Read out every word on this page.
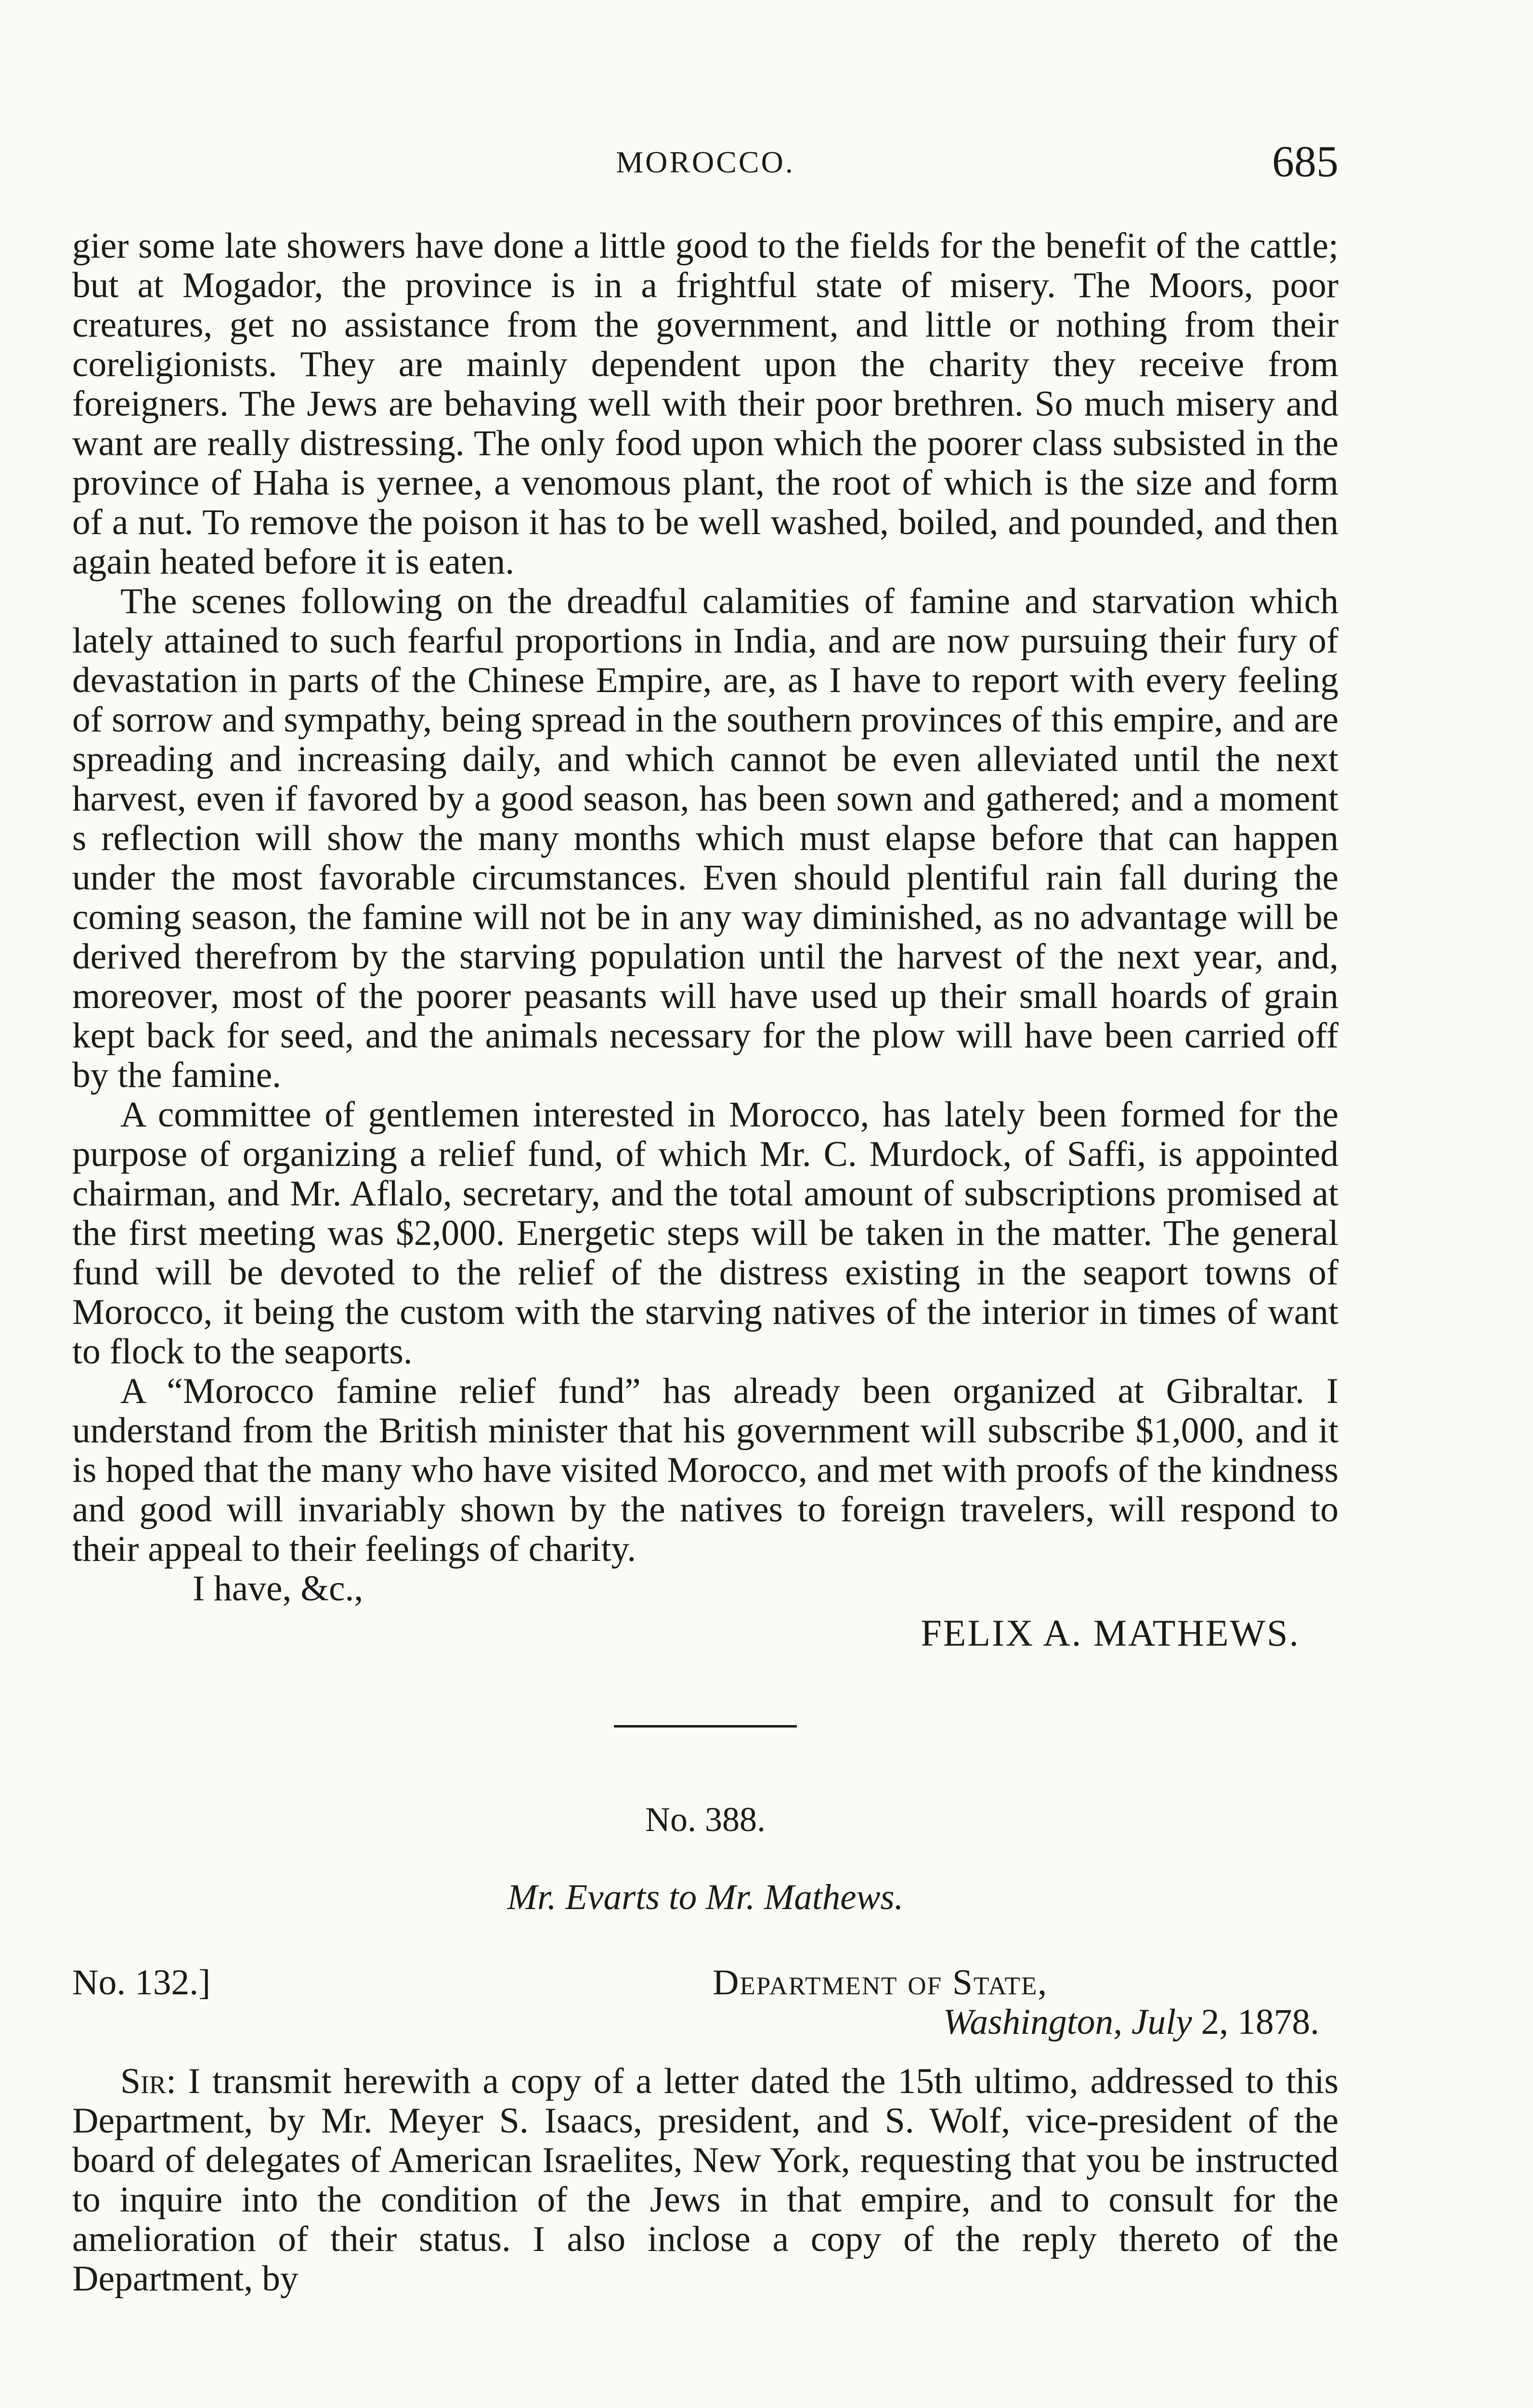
MOROCCO.	685

gier some late showers have done a little good to the fields for the benefit of the cattle; but at Mogador, the province is in a frightful state of misery. The Moors, poor creatures, get no assistance from the government, and little or nothing from their coreligionists. They are mainly dependent upon the charity they receive from foreigners. The Jews are behaving well with their poor brethren. So much misery and want are really distressing. The only food upon which the poorer class subsisted in the province of Haha is yernee, a venomous plant, the root of which is the size and form of a nut. To remove the poison it has to be well washed, boiled, and pounded, and then again heated before it is eaten.

The scenes following on the dreadful calamities of famine and starvation which lately attained to such fearful proportions in India, and are now pursuing their fury of devastation in parts of the Chinese Empire, are, as I have to report with every feeling of sorrow and sympathy, being spread in the southern provinces of this empire, and are spreading and increasing daily, and which cannot be even alleviated until the next harvest, even if favored by a good season, has been sown and gathered; and a moment s reflection will show the many months which must elapse before that can happen under the most favorable circumstances. Even should plentiful rain fall during the coming season, the famine will not be in any way diminished, as no advantage will be derived therefrom by the starving population until the harvest of the next year, and, moreover, most of the poorer peasants will have used up their small hoards of grain kept back for seed, and the animals necessary for the plow will have been carried off by the famine.

A committee of gentlemen interested in Morocco, has lately been formed for the purpose of organizing a relief fund, of which Mr. C. Murdock, of Saffi, is appointed chairman, and Mr. Aflalo, secretary, and the total amount of subscriptions promised at the first meeting was $2,000. Energetic steps will be taken in the matter. The general fund will be devoted to the relief of the distress existing in the seaport towns of Morocco, it being the custom with the starving natives of the interior in times of want to flock to the seaports.

A “Morocco famine relief fund” has already been organized at Gibraltar. I understand from the British minister that his government will subscribe $1,000, and it is hoped that the many who have visited Morocco, and met with proofs of the kindness and good will invariably shown by the natives to foreign travelers, will respond to their appeal to their feelings of charity.

I have, &c.,

FELIX A. MATHEWS.

No. 388.
Mr. Evarts to Mr. Mathews.
No. 132.]	Department of State,
Washington, July 2, 1878.

Sir: I transmit herewith a copy of a letter dated the 15th ultimo, addressed to this Department, by Mr. Meyer S. Isaacs, president, and S. Wolf, vice-president of the board of delegates of American Israelites, New York, requesting that you be instructed to inquire into the condition of the Jews in that empire, and to consult for the amelioration of their status. I also inclose a copy of the reply thereto of the Department, by
